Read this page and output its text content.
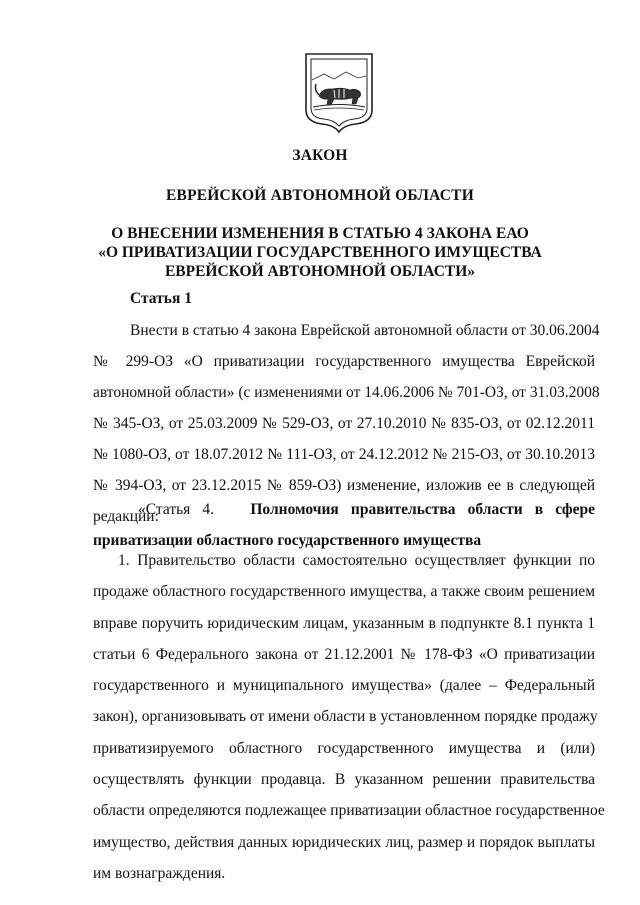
ЗАКОН

ЕВРЕЙСКОЙ АВТОНОМНОЙ ОБЛАСТИ

О ВНЕСЕНИИ ИЗМЕНЕНИЯ В СТАТЬЮ 4 ЗАКОНА ЕАО
«О ПРИВАТИЗАЦИИ ГОСУДАРСТВЕННОГО ИМУЩЕСТВА
ЕВРЕЙСКОЙ АВТОНОМНОЙ ОБЛАСТИ»

Статья 1

Внести в статью 4 закона Еврейской автономной области от 30.06.2004
№ 299-ОЗ «О приватизации государственного имущества Еврейской
автономной области» (с изменениями от 14.06.2006 № 701-ОЗ, от 31.03.2008
№ 345-ОЗ, от 25.03.2009 № 529-ОЗ, от 27.10.2010 № 835-ОЗ, от 02.12.2011
№ 1080-ОЗ, от 18.07.2012 № 111-ОЗ, от 24.12.2012 № 215-ОЗ, от 30.10.2013
№ 394-ОЗ, от 23.12.2015 № 859-ОЗ) изменение, изложив ее в следующей
редакции:
«Статья 4. Полномочия правительства области в сфере
приватизации областного государственного имущества
1. Правительство области самостоятельно осуществляет функции по
продаже областного государственного имущества, а также своим решением
вправе поручить юридическим лицам, указанным в подпункте 8.1 пункта 1
статьи 6 Федерального закона от 21.12.2001 № 178-ФЗ «О приватизации
государственного и муниципального имущества» (далее – Федеральный
закон), организовывать от имени области в установленном порядке продажу
приватизируемого областного государственного имущества и (или)
осуществлять функции продавца. В указанном решении правительства
области определяются подлежащее приватизации областное государственное
имущество, действия данных юридических лиц, размер и порядок выплаты
им вознаграждения.
